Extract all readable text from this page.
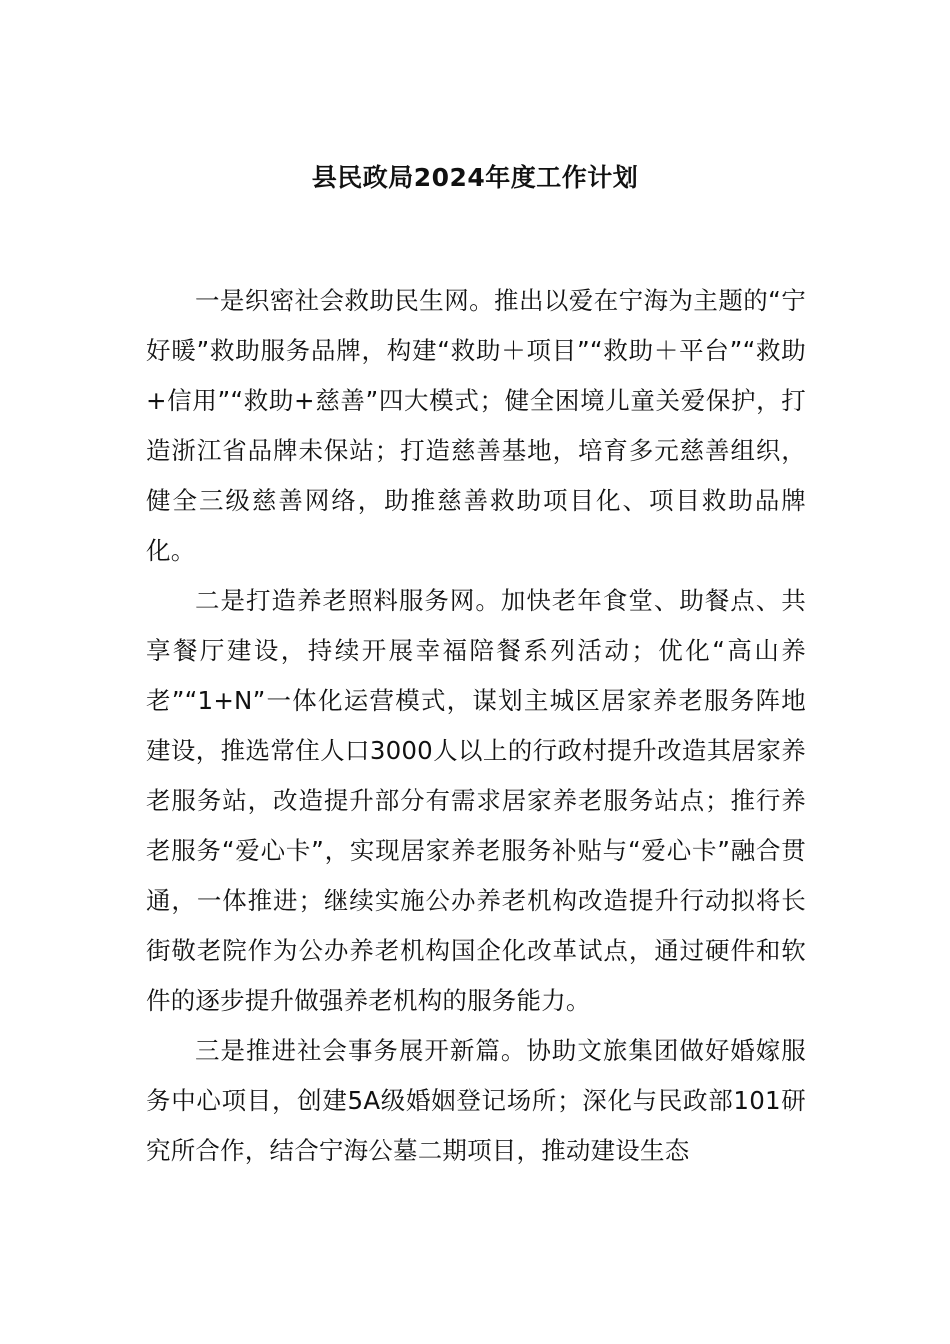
县民政局2024年度工作计划

一是织密社会救助民生网。推出以爱在宁海为主题的“宁好暖”救助服务品牌，构建“救助＋项目”“救助＋平台”“救助+信用”“救助+慈善”四大模式；健全困境儿童关爱保护，打造浙江省品牌未保站；打造慈善基地，培育多元慈善组织，健全三级慈善网络，助推慈善救助项目化、项目救助品牌化。

二是打造养老照料服务网。加快老年食堂、助餐点、共享餐厅建设，持续开展幸福陪餐系列活动；优化“高山养老”“1+N”一体化运营模式，谋划主城区居家养老服务阵地建设，推选常住人口3000人以上的行政村提升改造其居家养老服务站，改造提升部分有需求居家养老服务站点；推行养老服务“爱心卡”，实现居家养老服务补贴与“爱心卡”融合贯通，一体推进；继续实施公办养老机构改造提升行动拟将长街敬老院作为公办养老机构国企化改革试点，通过硬件和软件的逐步提升做强养老机构的服务能力。

三是推进社会事务展开新篇。协助文旅集团做好婚嫁服务中心项目，创建5A级婚姻登记场所；深化与民政部101研究所合作，结合宁海公墓二期项目，推动建设生态
